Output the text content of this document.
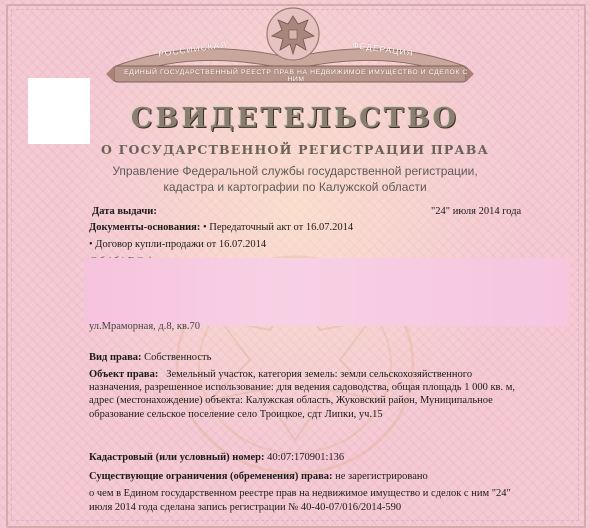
РОССИЙСКАЯ	ФЕДЕРАЦИЯ
ЕДИНЫЙ ГОСУДАРСТВЕННЫЙ РЕЕСТР ПРАВ НА НЕДВИЖИМОЕ ИМУЩЕСТВО И СДЕЛОК С НИМ
СВИДЕТЕЛЬСТВО
О ГОСУДАРСТВЕННОЙ РЕГИСТРАЦИИ ПРАВА
Управление Федеральной службы государственной регистрации,
кадастра и картографии по Калужской области
Дата выдачи:	"24" июля 2014 года
Документы-основания: • Передаточный акт от 16.07.2014
• Договор купли-продажи от 16.07.2014
ул.Мраморная, д.8, кв.70
Вид права: Собственность
Объект права: Земельный участок, категория земель: земли сельскохозяйственного
назначения, разрешенное использование: для ведения садоводства, общая площадь 1 000 кв. м,
адрес (местонахождение) объекта: Калужская область, Жуковский район, Муниципальное
образование сельское поселение село Троицкое, сдт Липки, уч.15
Кадастровый (или условный) номер: 40:07:170901:136
Существующие ограничения (обременения) права: не зарегистрировано
о чем в Едином государственном реестре прав на недвижимое имущество и сделок с ним "24"
июля 2014 года сделана запись регистрации № 40-40-07/016/2014-590
